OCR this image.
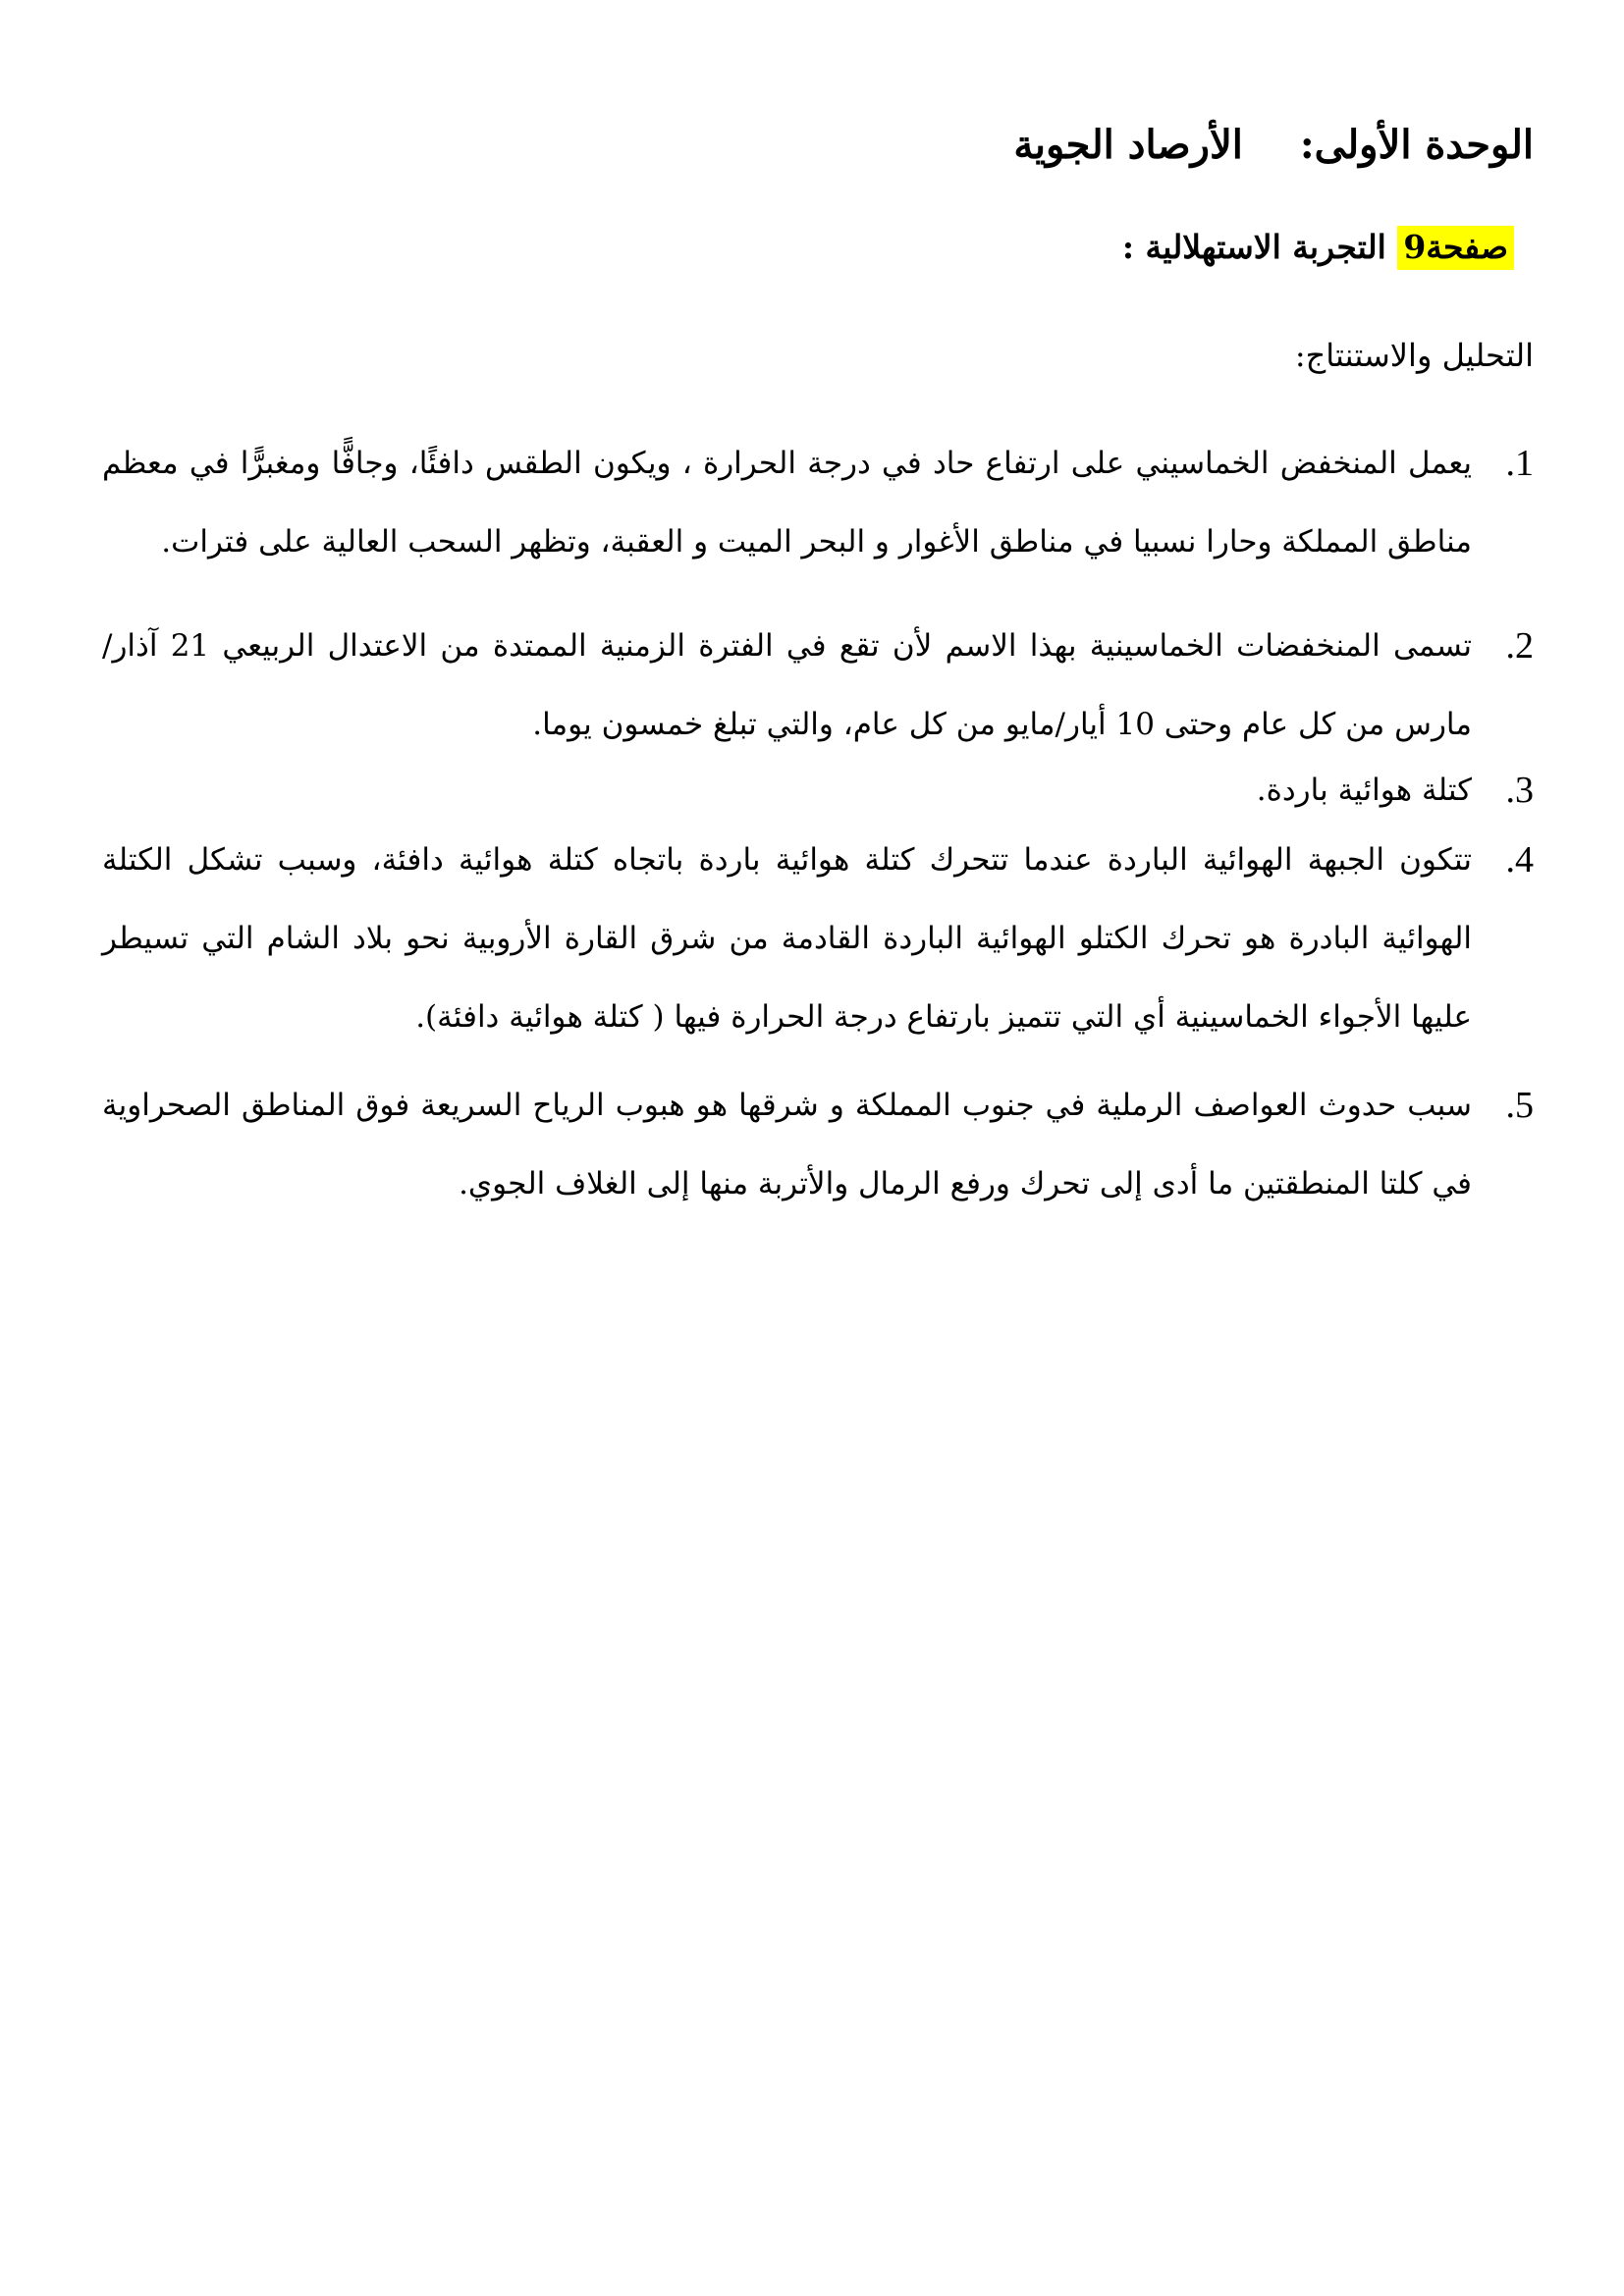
الوحدة الأولى:الأرصاد الجوية
صفحة9 التجربة الاستهلالية :
التحليل والاستنتاج:
1.
يعمل المنخفض الخماسيني على ارتفاع حاد في درجة الحرارة ، ويكون الطقس دافئًا، وجافًّا ومغبرًّا في معظم مناطق المملكة وحارا نسبيا في مناطق الأغوار و البحر الميت و العقبة، وتظهر السحب العالية على فترات.
2.
تسمى المنخفضات الخماسينية بهذا الاسم لأن تقع في الفترة الزمنية الممتدة من الاعتدال الربيعي 21 آذار/مارس من كل عام وحتى 10 أيار/مايو من كل عام، والتي تبلغ خمسون يوما.
3.
كتلة هوائية باردة.
4.
تتكون الجبهة الهوائية الباردة عندما تتحرك كتلة هوائية باردة باتجاه كتلة هوائية دافئة، وسبب تشكل الكتلة الهوائية البادرة هو تحرك الكتلو الهوائية الباردة القادمة من شرق القارة الأروبية نحو بلاد الشام التي تسيطر عليها الأجواء الخماسينية أي التي تتميز بارتفاع درجة الحرارة فيها ( كتلة هوائية دافئة).
5.
سبب حدوث العواصف الرملية في جنوب المملكة و شرقها هو هبوب الرياح السريعة فوق المناطق الصحراوية في كلتا المنطقتين ما أدى إلى تحرك ورفع الرمال والأتربة منها إلى الغلاف الجوي.
